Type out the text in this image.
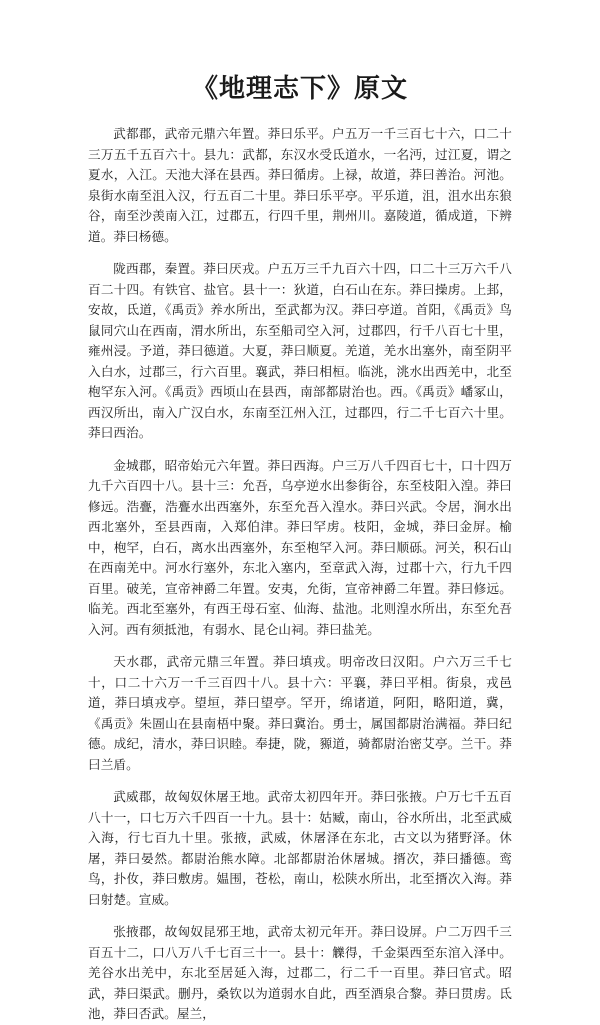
《地理志下》原文

武都郡，武帝元鼎六年置。莽曰乐平。户五万一千三百七十六，口二十三万五千五百六十。县九：武都，东汉水受氐道水，一名沔，过江夏，谓之夏水，入江。天池大泽在县西。莽曰循虏。上禄，故道，莽曰善治。河池。泉街水南至沮入汉，行五百二十里。莽曰乐平亭。平乐道，沮，沮水出东狼谷，南至沙羡南入江，过郡五，行四千里，荆州川。嘉陵道，循成道，下辨道。莽曰杨德。

陇西郡，秦置。莽曰厌戎。户五万三千九百六十四，口二十三万六千八百二十四。有铁官、盐官。县十一：狄道，白石山在东。莽曰操虏。上邽，安故，氐道，《禹贡》养水所出，至武都为汉。莽曰亭道。首阳，《禹贡》鸟鼠同穴山在西南，渭水所出，东至船司空入河，过郡四，行千八百七十里，雍州浸。予道，莽曰德道。大夏，莽曰顺夏。羌道，羌水出塞外，南至阴平入白水，过郡三，行六百里。襄武，莽曰相桓。临洮，洮水出西羌中，北至枹罕东入河。《禹贡》西顷山在县西，南部都尉治也。西。《禹贡》嶓冢山，西汉所出，南入广汉白水，东南至江州入江，过郡四，行二千七百六十里。莽曰西治。

金城郡，昭帝始元六年置。莽曰西海。户三万八千四百七十，口十四万九千六百四十八。县十三：允吾，乌亭逆水出参街谷，东至枝阳入湟。莽曰修远。浩亹，浩亹水出西塞外，东至允吾入湟水。莽曰兴武。令居，涧水出西北塞外，至县西南，入郑伯津。莽曰罕虏。枝阳，金城，莽曰金屏。榆中，枹罕，白石，离水出西塞外，东至枹罕入河。莽曰顺砾。河关，积石山在西南羌中。河水行塞外，东北入塞内，至章武入海，过郡十六，行九千四百里。破羌，宣帝神爵二年置。安夷，允街，宣帝神爵二年置。莽曰修远。临羌。西北至塞外，有西王母石室、仙海、盐池。北则湟水所出，东至允吾入河。西有须抵池，有弱水、昆仑山祠。莽曰盐羌。

天水郡，武帝元鼎三年置。莽曰填戎。明帝改曰汉阳。户六万三千七十，口二十六万一千三百四十八。县十六：平襄，莽曰平相。街泉，戎邑道，莽曰填戎亭。望垣，莽曰望亭。罕开，绵诸道，阿阳，略阳道，冀，《禹贡》朱圄山在县南梧中聚。莽曰冀治。勇士，属国都尉治满福。莽曰纪德。成纪，清水，莽曰识睦。奉捷，陇，豲道，骑都尉治密艾亭。兰干。莽曰兰盾。

武威郡，故匈奴休屠王地。武帝太初四年开。莽曰张掖。户万七千五百八十一，口七万六千四百一十九。县十：姑臧，南山，谷水所出，北至武威入海，行七百九十里。张掖，武威，休屠泽在东北，古文以为猪野泽。休屠，莽曰晏然。都尉治熊水障。北部都尉治休屠城。揟次，莽曰播德。鸾鸟，扑㚢，莽曰敷虏。媪围，苍松，南山，松陕水所出，北至揟次入海。莽曰射楚。宣威。

张掖郡，故匈奴昆邪王地，武帝太初元年开。莽曰设屏。户二万四千三百五十二，口八万八千七百三十一。县十：觻得，千金渠西至东涫入泽中。羌谷水出羌中，东北至居延入海，过郡二，行二千一百里。莽曰官式。昭武，莽曰渠武。删丹，桑钦以为道弱水自此，西至酒泉合黎。莽曰贯虏。氐池，莽曰否武。屋兰，
